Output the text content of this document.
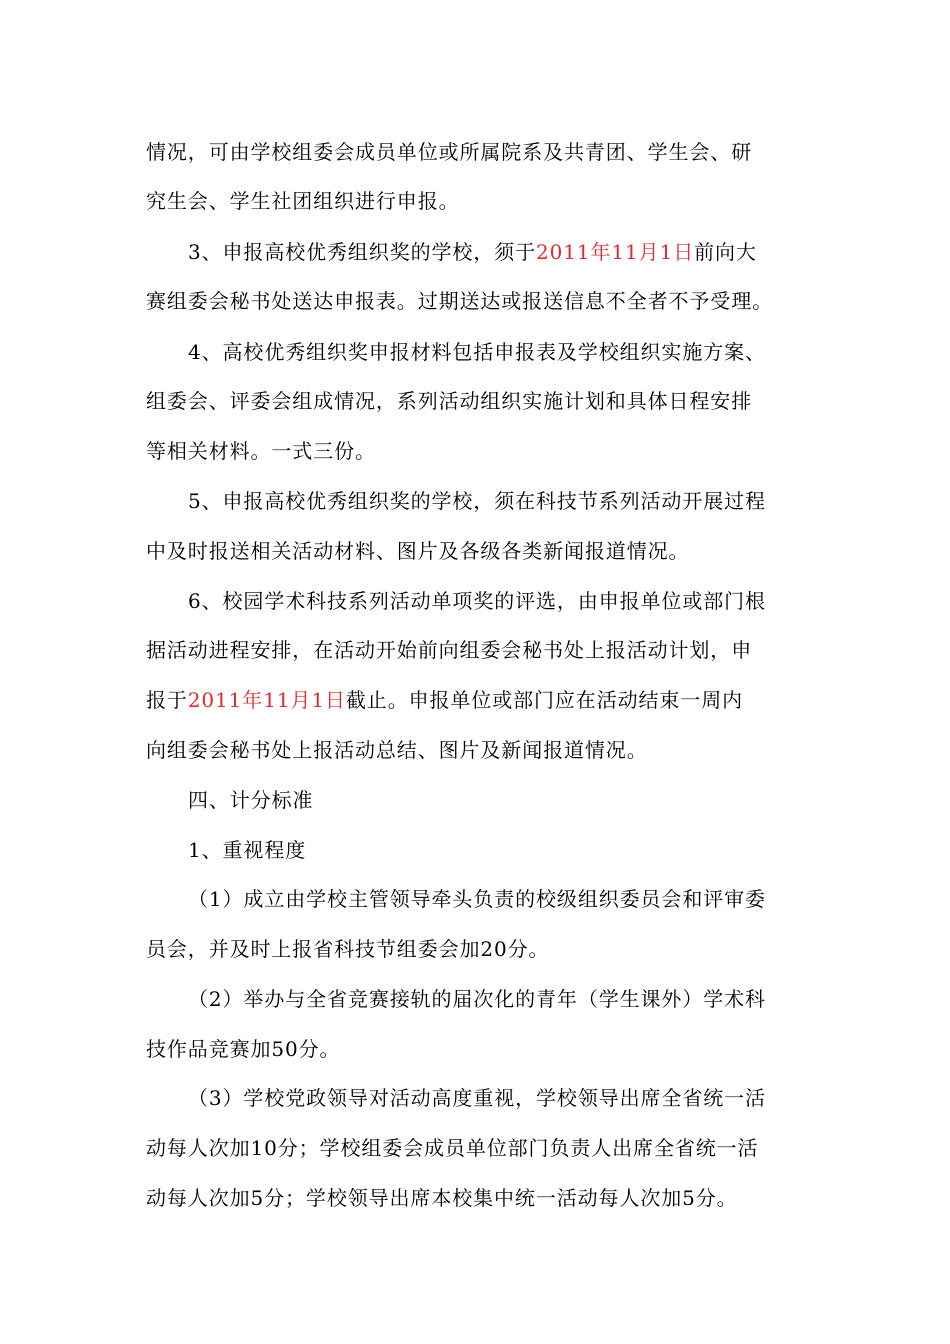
情况，可由学校组委会成员单位或所属院系及共青团、学生会、研
究生会、学生社团组织进行申报。
3、申报高校优秀组织奖的学校，须于2011年11月1日前向大
赛组委会秘书处送达申报表。过期送达或报送信息不全者不予受理。
4、高校优秀组织奖申报材料包括申报表及学校组织实施方案、
组委会、评委会组成情况，系列活动组织实施计划和具体日程安排
等相关材料。一式三份。
5、申报高校优秀组织奖的学校，须在科技节系列活动开展过程
中及时报送相关活动材料、图片及各级各类新闻报道情况。
6、校园学术科技系列活动单项奖的评选，由申报单位或部门根
据活动进程安排，在活动开始前向组委会秘书处上报活动计划，申
报于2011年11月1日截止。申报单位或部门应在活动结束一周内
向组委会秘书处上报活动总结、图片及新闻报道情况。
四、计分标准
1、重视程度
（1）成立由学校主管领导牵头负责的校级组织委员会和评审委
员会，并及时上报省科技节组委会加20分。
（2）举办与全省竞赛接轨的届次化的青年（学生课外）学术科
技作品竞赛加50分。
（3）学校党政领导对活动高度重视，学校领导出席全省统一活
动每人次加10分；学校组委会成员单位部门负责人出席全省统一活
动每人次加5分；学校领导出席本校集中统一活动每人次加5分。
